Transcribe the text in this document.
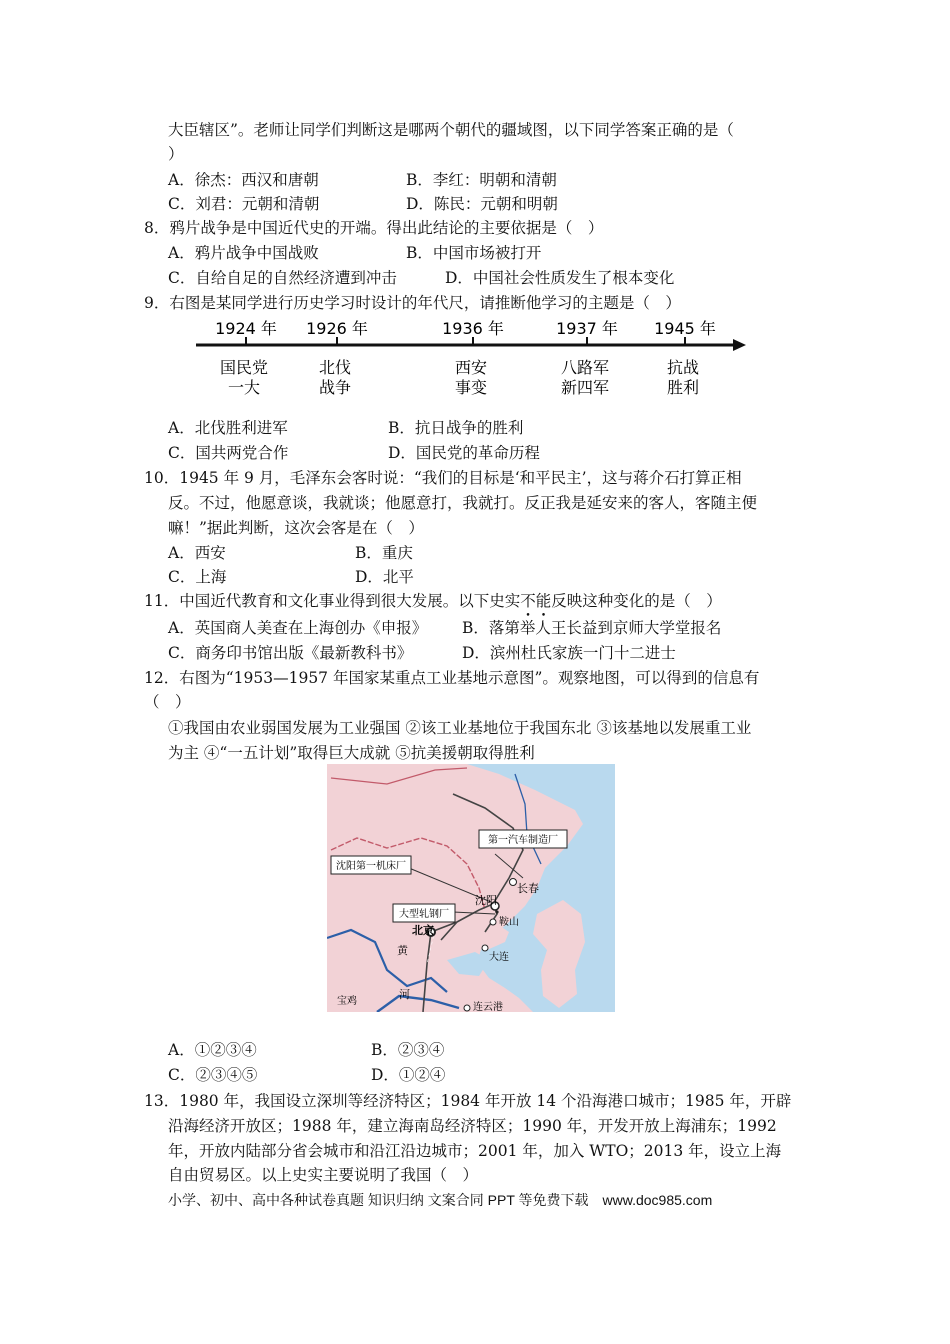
大臣辖区”。老师让同学们判断这是哪两个朝代的疆域图，以下同学答案正确的是（
）
A．徐杰：西汉和唐朝	B．李红：明朝和清朝
C．刘君：元朝和清朝	D．陈民：元朝和明朝
8．鸦片战争是中国近代史的开端。得出此结论的主要依据是（　）
A．鸦片战争中国战败	B．中国市场被打开
C．自给自足的自然经济遭到冲击	D．中国社会性质发生了根本变化
9．右图是某同学进行历史学习时设计的年代尺，请推断他学习的主题是（　）
1924 年
国民党
一大
1926 年
北伐
战争
1936 年
西安
事变
1937 年
八路军
新四军
1945 年
抗战
胜利
A．北伐胜利进军	B．抗日战争的胜利
C．国共两党合作	D．国民党的革命历程
10．1945 年 9 月，毛泽东会客时说：“我们的目标是‘和平民主’，这与蒋介石打算正相
反。不过，他愿意谈，我就谈；他愿意打，我就打。反正我是延安来的客人，客随主便
嘛！”据此判断，这次会客是在（　）
A．西安	B．重庆
C．上海	D．北平
11．中国近代教育和文化事业得到很大发展。以下史实不能反映这种变化的是（　）
A．英国商人美查在上海创办《申报》 B．落第举人王长益到京师大学堂报名
C．商务印书馆出版《最新教科书》	D．滨州杜氏家族一门十二进士
12．右图为“1953—1957 年国家某重点工业基地示意图”。观察地图，可以得到的信息有
（　）
①我国由农业弱国发展为工业强国 ②该工业基地位于我国东北 ③该基地以发展重工业
为主 ④“一五计划”取得巨大成就 ⑤抗美援朝取得胜利
第一汽车制造厂
沈阳第一机床厂
大型轧钢厂
长春
沈阳
鞍山
北京
大连
黄
河
宝鸡
连云港
A．①②③④	B．②③④
C．②③④⑤	D．①②④
13．1980 年，我国设立深圳等经济特区；1984 年开放 14 个沿海港口城市；1985 年，开辟
沿海经济开放区；1988 年，建立海南岛经济特区；1990 年，开发开放上海浦东；1992
年，开放内陆部分省会城市和沿江沿边城市；2001 年，加入 WTO；2013 年，设立上海
自由贸易区。以上史实主要说明了我国（　）
小学、初中、高中各种试卷真题 知识归纳 文案合同 PPT 等免费下载　www.doc985.com
